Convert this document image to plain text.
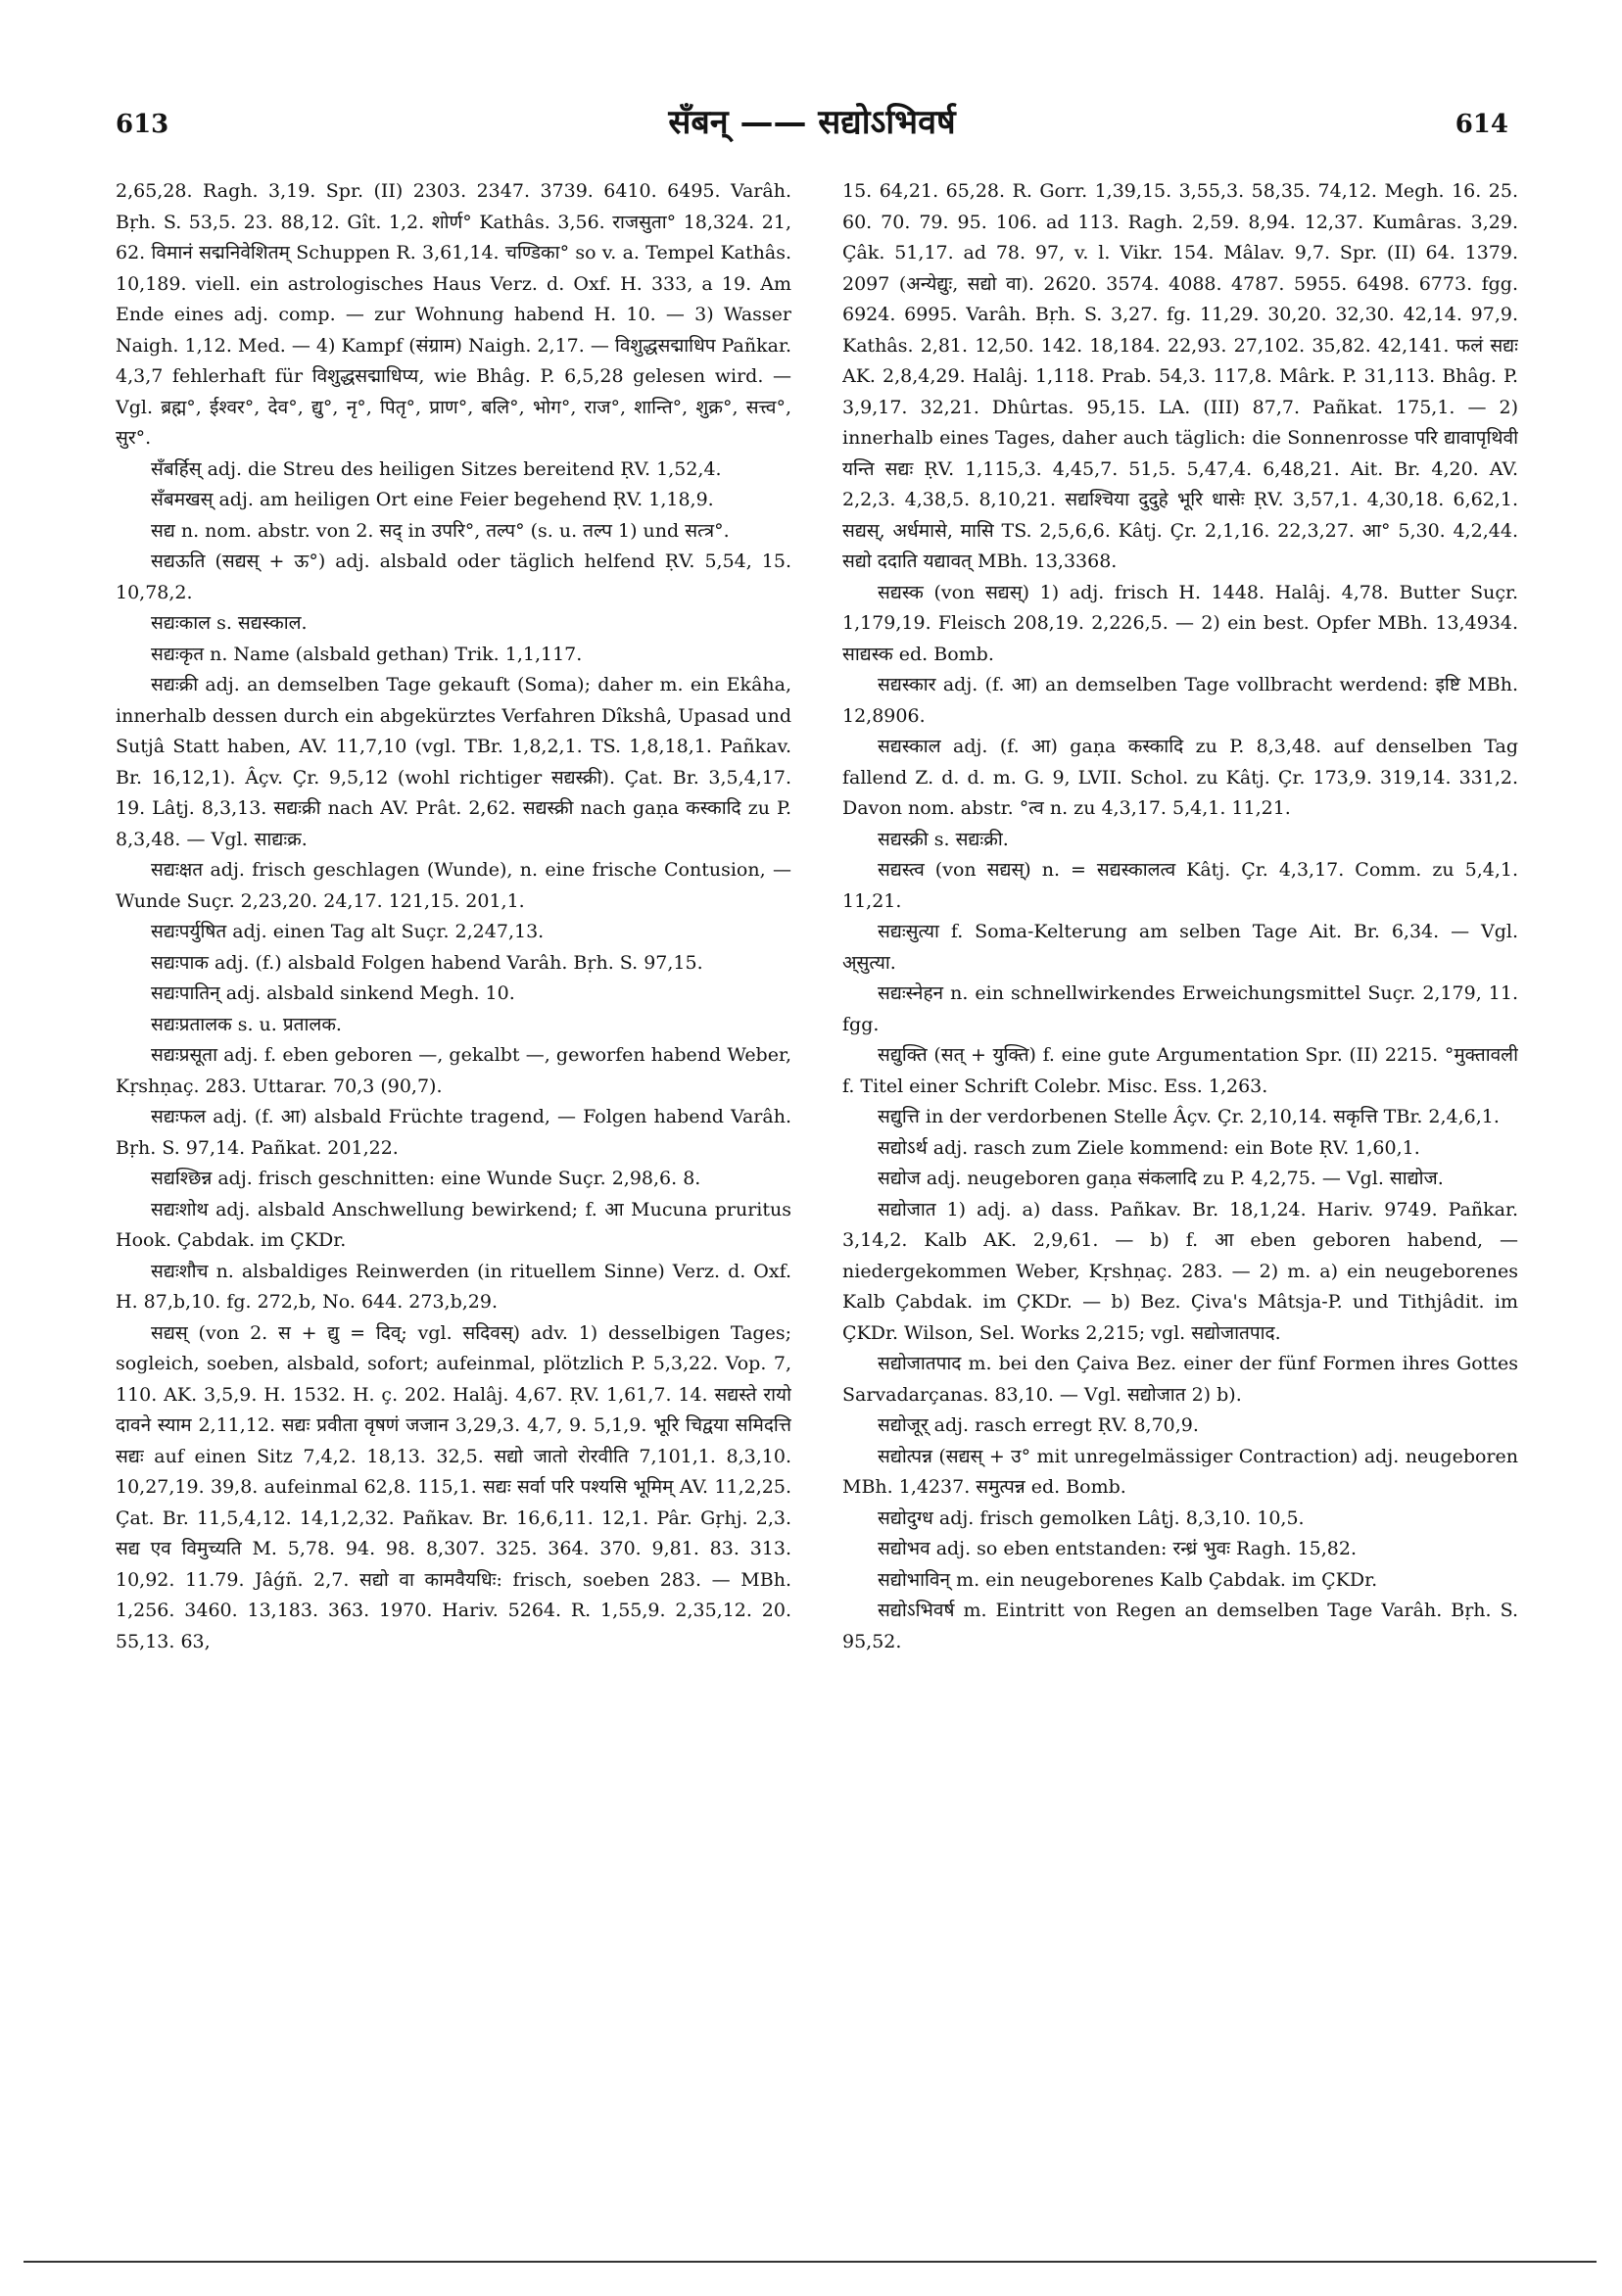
613	सँबन् —— सद्योऽभिवर्ष	614

2,65,28. Ragh. 3,19. Spr. (II) 2303. 2347. 3739. 6410. 6495. Varâh. Bṛh. S. 53,5. 23. 88,12. Gît. 1,2. शोर्ण° Kathâs. 3,56. राजसुता° 18,324. 21, 62. विमानं सद्मनिवेशितम् Schuppen R. 3,61,14. चण्डिका° so v. a. Tempel Kathâs. 10,189. viell. ein astrologisches Haus Verz. d. Oxf. H. 333, a 19. Am Ende eines adj. comp. — zur Wohnung habend H. 10. — 3) Wasser Naigh. 1,12. Med. — 4) Kampf (संग्राम) Naigh. 2,17. — विशुद्धसद्माधिप Pañkar. 4,3,7 fehlerhaft für विशुद्धसद्माधिप्य, wie Bhâg. P. 6,5,28 gelesen wird. — Vgl. ब्रह्म°, ईश्वर°, देव°, द्यु°, नृ°, पितृ°, प्राण°, बलि°, भोग°, राज°, शान्ति°, शुक्र°, सत्त्व°, सुर°.

सँबर्हिस् adj. die Streu des heiligen Sitzes bereitend ṚV. 1,52,4.

सँबमखस् adj. am heiligen Ort eine Feier begehend ṚV. 1,18,9.

सद्य n. nom. abstr. von 2. सद् in उपरि°, तल्प° (s. u. तल्प 1) und सत्त्र°.

सद्यऊति (सद्यस् + ऊ°) adj. alsbald oder täglich helfend ṚV. 5,54, 15. 10,78,2.

सद्यःकाल s. सद्यस्काल.

सद्यःकृत n. Name (alsbald gethan) Trik. 1,1,117.

सद्यःक्री adj. an demselben Tage gekauft (Soma); daher m. ein Ekâha, innerhalb dessen durch ein abgekürztes Verfahren Dîkshâ, Upasad und Sutjâ Statt haben, AV. 11,7,10 (vgl. TBr. 1,8,2,1. TS. 1,8,18,1. Pañkav. Br. 16,12,1). Âçv. Çr. 9,5,12 (wohl richtiger सद्यस्क्री). Çat. Br. 3,5,4,17. 19. Lâṭj. 8,3,13. सद्यःक्री nach AV. Prât. 2,62. सद्यस्क्री nach gaṇa कस्कादि zu P. 8,3,48. — Vgl. साद्यःक्र.

सद्यःक्षत adj. frisch geschlagen (Wunde), n. eine frische Contusion, — Wunde Suçr. 2,23,20. 24,17. 121,15. 201,1.

सद्यःपर्युषित adj. einen Tag alt Suçr. 2,247,13.

सद्यःपाक adj. (f.) alsbald Folgen habend Varâh. Bṛh. S. 97,15.

सद्यःपातिन् adj. alsbald sinkend Megh. 10.

सद्यःप्रतालक s. u. प्रतालक.

सद्यःप्रसूता adj. f. eben geboren —, gekalbt —, geworfen habend Weber, Kṛshṇaç. 283. Uttarar. 70,3 (90,7).

सद्यःफल adj. (f. आ) alsbald Früchte tragend, — Folgen habend Varâh. Bṛh. S. 97,14. Pañkat. 201,22.

सद्यश्छिन्न adj. frisch geschnitten: eine Wunde Suçr. 2,98,6. 8.

सद्यःशोथ adj. alsbald Anschwellung bewirkend; f. आ Mucuna pruritus Hook. Çabdak. im ÇKDr.

सद्यःशौच n. alsbaldiges Reinwerden (in rituellem Sinne) Verz. d. Oxf. H. 87,b,10. fg. 272,b, No. 644. 273,b,29.

सद्यस् (von 2. स + द्यु = दिव्; vgl. सदिवस्) adv. 1) desselbigen Tages; sogleich, soeben, alsbald, sofort; aufeinmal, plötzlich P. 5,3,22. Vop. 7, 110. AK. 3,5,9. H. 1532. H. ç. 202. Halâj. 4,67. ṚV. 1,61,7. 14. सद्यस्ते रायो दावने स्याम 2,11,12. सद्यः प्रवीता वृषणं जजान 3,29,3. 4,7, 9. 5,1,9. भूरि चिद्वया समिदत्ति सद्यः auf einen Sitz 7,4,2. 18,13. 32,5. सद्यो जातो रोरवीति 7,101,1. 8,3,10. 10,27,19. 39,8. aufeinmal 62,8. 115,1. सद्यः सर्वा परि पश्यसि भूमिम् AV. 11,2,25. Çat. Br. 11,5,4,12. 14,1,2,32. Pañkav. Br. 16,6,11. 12,1. Pâr. Gṛhj. 2,3. सद्य एव विमुच्यति M. 5,78. 94. 98. 8,307. 325. 364. 370. 9,81. 83. 313. 10,92. 11.79. Jâǵñ. 2,7. सद्यो वा कामवैयधिः: frisch, soeben 283. — MBh. 1,256. 3460. 13,183. 363. 1970. Hariv. 5264. R. 1,55,9. 2,35,12. 20. 55,13. 63,

15. 64,21. 65,28. R. Gorr. 1,39,15. 3,55,3. 58,35. 74,12. Megh. 16. 25. 60. 70. 79. 95. 106. ad 113. Ragh. 2,59. 8,94. 12,37. Kumâras. 3,29. Çâk. 51,17. ad 78. 97, v. l. Vikr. 154. Mâlav. 9,7. Spr. (II) 64. 1379. 2097 (अन्येद्युः, सद्यो वा). 2620. 3574. 4088. 4787. 5955. 6498. 6773. fgg. 6924. 6995. Varâh. Bṛh. S. 3,27. fg. 11,29. 30,20. 32,30. 42,14. 97,9. Kathâs. 2,81. 12,50. 142. 18,184. 22,93. 27,102. 35,82. 42,141. फलं सद्यः AK. 2,8,4,29. Halâj. 1,118. Prab. 54,3. 117,8. Mârk. P. 31,113. Bhâg. P. 3,9,17. 32,21. Dhûrtas. 95,15. LA. (III) 87,7. Pañkat. 175,1. — 2) innerhalb eines Tages, daher auch täglich: die Sonnenrosse परि द्यावापृथिवी यन्ति सद्यः ṚV. 1,115,3. 4,45,7. 51,5. 5,47,4. 6,48,21. Ait. Br. 4,20. AV. 2,2,3. 4,38,5. 8,10,21. सद्यश्चिया दुदुहे भूरि धासेः ṚV. 3,57,1. 4,30,18. 6,62,1. सद्यस्, अर्धमासे, मासि TS. 2,5,6,6. Kâtj. Çr. 2,1,16. 22,3,27. आ° 5,30. 4,2,44. सद्यो ददाति यद्यावत् MBh. 13,3368.

सद्यस्क (von सद्यस्) 1) adj. frisch H. 1448. Halâj. 4,78. Butter Suçr. 1,179,19. Fleisch 208,19. 2,226,5. — 2) ein best. Opfer MBh. 13,4934. साद्यस्क ed. Bomb.

सद्यस्कार adj. (f. आ) an demselben Tage vollbracht werdend: इष्टि MBh. 12,8906.

सद्यस्काल adj. (f. आ) gaṇa कस्कादि zu P. 8,3,48. auf denselben Tag fallend Z. d. d. m. G. 9, LVII. Schol. zu Kâtj. Çr. 173,9. 319,14. 331,2. Davon nom. abstr. °त्व n. zu 4,3,17. 5,4,1. 11,21.

सद्यस्क्री s. सद्यःक्री.

सद्यस्त्व (von सद्यस्) n. = सद्यस्कालत्व Kâtj. Çr. 4,3,17. Comm. zu 5,4,1. 11,21.

सद्यःसुत्या f. Soma-Kelterung am selben Tage Ait. Br. 6,34. — Vgl. अ्सुत्या.

सद्यःस्नेहन n. ein schnellwirkendes Erweichungsmittel Suçr. 2,179, 11. fgg.

सद्युक्ति (सत् + युक्ति) f. eine gute Argumentation Spr. (II) 2215. °मुक्तावली f. Titel einer Schrift Colebr. Misc. Ess. 1,263.

सद्युत्ति in der verdorbenen Stelle Âçv. Çr. 2,10,14. सकृत्ति TBr. 2,4,6,1.

सद्योऽर्थ adj. rasch zum Ziele kommend: ein Bote ṚV. 1,60,1.

सद्योज adj. neugeboren gaṇa संकलादि zu P. 4,2,75. — Vgl. साद्योज.

सद्योजात 1) adj. a) dass. Pañkav. Br. 18,1,24. Hariv. 9749. Pañkar. 3,14,2. Kalb AK. 2,9,61. — b) f. आ eben geboren habend, — niedergekommen Weber, Kṛshṇaç. 283. — 2) m. a) ein neugeborenes Kalb Çabdak. im ÇKDr. — b) Bez. Çiva's Mâtsja-P. und Tithjâdit. im ÇKDr. Wilson, Sel. Works 2,215; vgl. सद्योजातपाद.

सद्योजातपाद m. bei den Çaiva Bez. einer der fünf Formen ihres Gottes Sarvadarçanas. 83,10. — Vgl. सद्योजात 2) b).

सद्योजूर् adj. rasch erregt ṚV. 8,70,9.

सद्योत्पन्न (सद्यस् + उ° mit unregelmässiger Contraction) adj. neugeboren MBh. 1,4237. समुत्पन्न ed. Bomb.

सद्योदुग्ध adj. frisch gemolken Lâṭj. 8,3,10. 10,5.

सद्योभव adj. so eben entstanden: रन्ध्रं भुवः Ragh. 15,82.

सद्योभाविन् m. ein neugeborenes Kalb Çabdak. im ÇKDr.

सद्योऽभिवर्ष m. Eintritt von Regen an demselben Tage Varâh. Bṛh. S. 95,52.
